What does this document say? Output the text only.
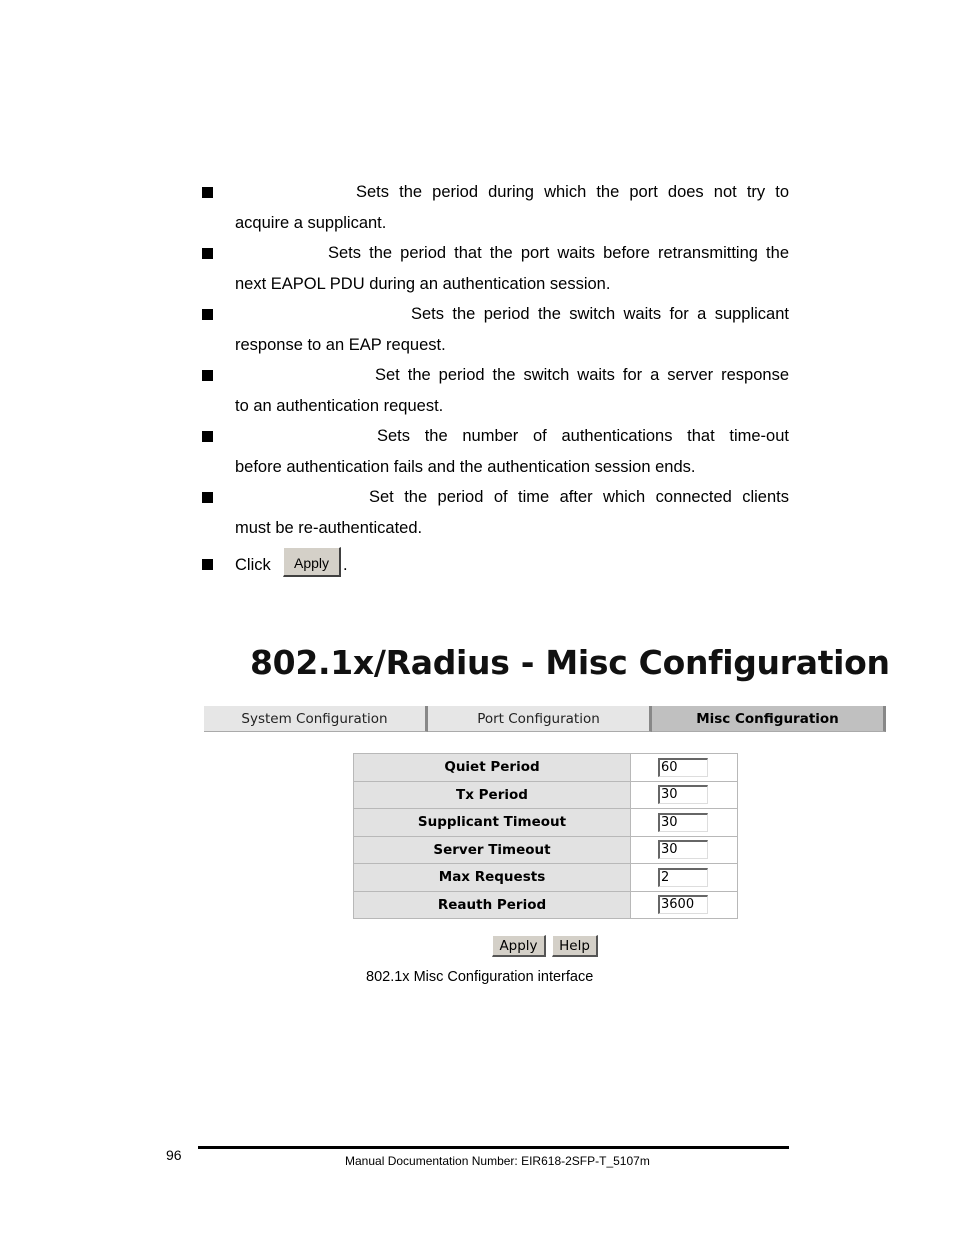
Sets the period during which the port does not try to
acquire a supplicant.
Sets the period that the port waits before retransmitting the
next EAPOL PDU during an authentication session.
Sets the period the switch waits for a supplicant
response to an EAP request.
Set the period the switch waits for a server response
to an authentication request.
Sets the number of authentications that time-out
before authentication fails and the authentication session ends.
Set the period of time after which connected clients
must be re-authenticated.
Click	Apply .
802.1x/Radius - Misc Configuration
System Configuration	Port Configuration	Misc Configuration
Quiet Period	60

Tx Period	30

Supplicant Timeout	30

Server Timeout	30

Max Requests	2

Reauth Period	3600
Apply	Help
802.1x Misc Configuration interface
96	Manual Documentation Number: EIR618-2SFP-T_5107m
